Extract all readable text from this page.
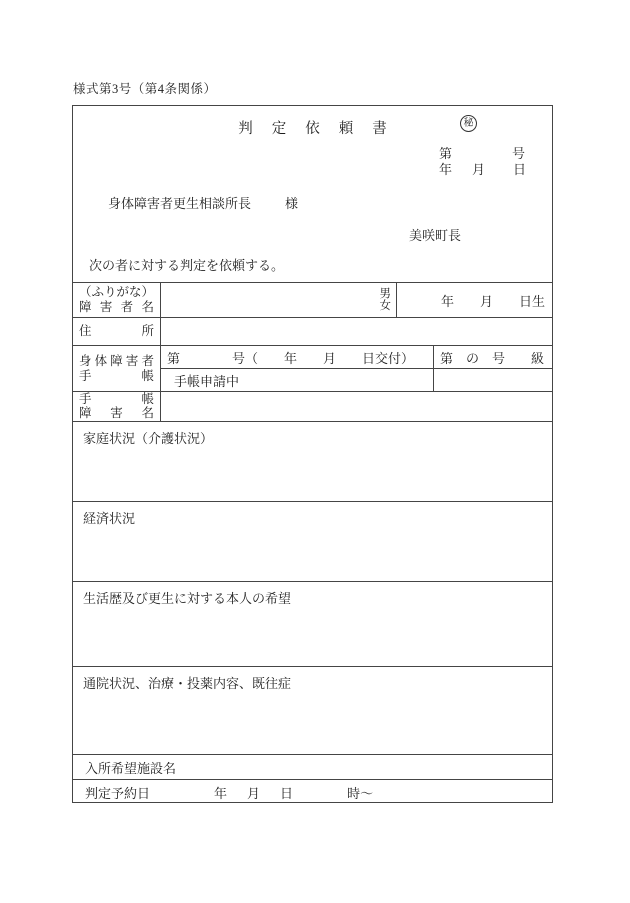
様式第3号（第4条関係）
判定依頼書	秘
第	号
年 月 日
身体障害者更生相談所長	様
美咲町長
次の者に対する判定を依頼する。
（ふりがな）
障 害 者 名
男
女	年　　月　　日生
住	所
身 体 障 害 者
手	帳
第　　　　号（　　年　　月　　日交付）	第　の　号　　級
手帳申請中
手	帳
障 害 名
家庭状況（介護状況）
経済状況
生活歴及び更生に対する本人の希望
通院状況、治療・投薬内容、既往症
入所希望施設名
判定予約日	年 月 日	時〜
